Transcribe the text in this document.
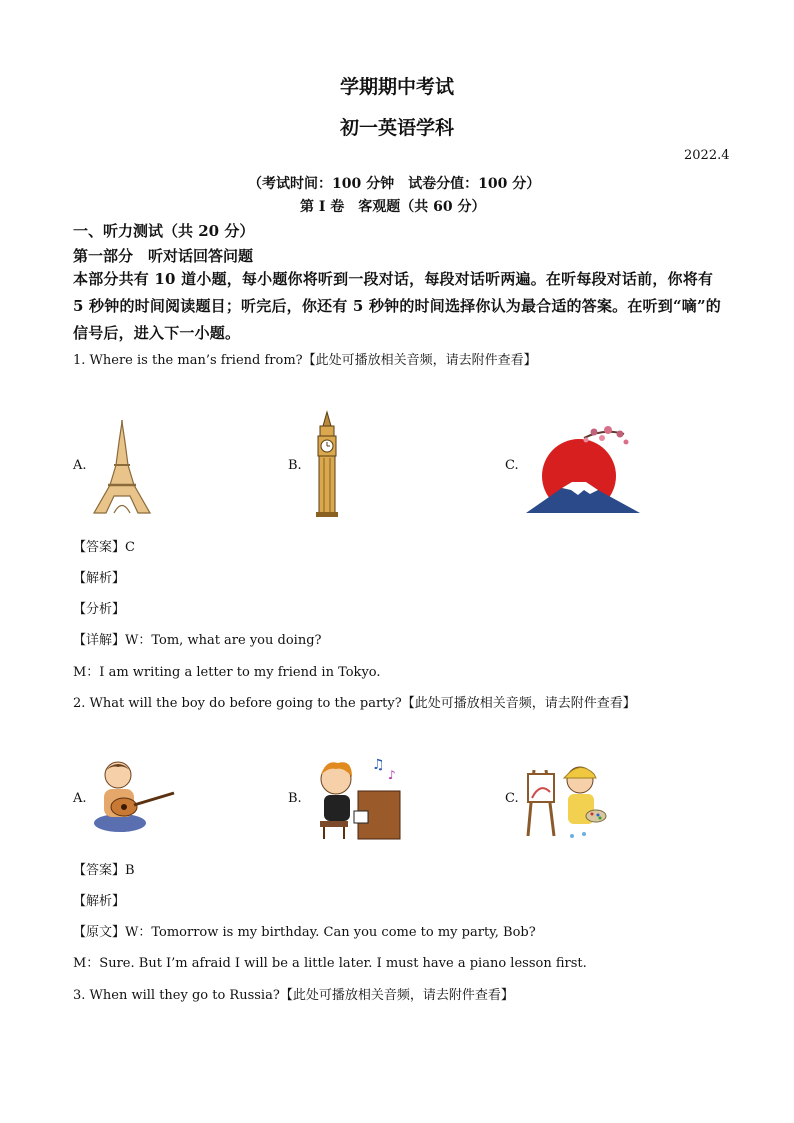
学期期中考试
初一英语学科
2022.4
（考试时间：100 分钟　试卷分值：100 分）
第 I 卷　客观题（共 60 分）
一、听力测试（共 20 分）
第一部分　听对话回答问题
本部分共有 10 道小题，每小题你将听到一段对话，每段对话听两遍。在听每段对话前，你将有 5 秒钟的时间阅读题目；听完后，你还有 5 秒钟的时间选择你认为最合适的答案。在听到“嘀”的信号后，进入下一小题。
1. Where is the man’s friend from?【此处可播放相关音频，请去附件查看】
A.	B.	C.
【答案】C
【解析】
【分析】
【详解】W：Tom, what are you doing?
M：I am writing a letter to my friend in Tokyo.
2. What will the boy do before going to the party?【此处可播放相关音频，请去附件查看】
A.	B.
♫
♪
C.
【答案】B
【解析】
【原文】W：Tomorrow is my birthday. Can you come to my party, Bob?
M：Sure. But I’m afraid I will be a little later. I must have a piano lesson first.
3. When will they go to Russia?【此处可播放相关音频，请去附件查看】
